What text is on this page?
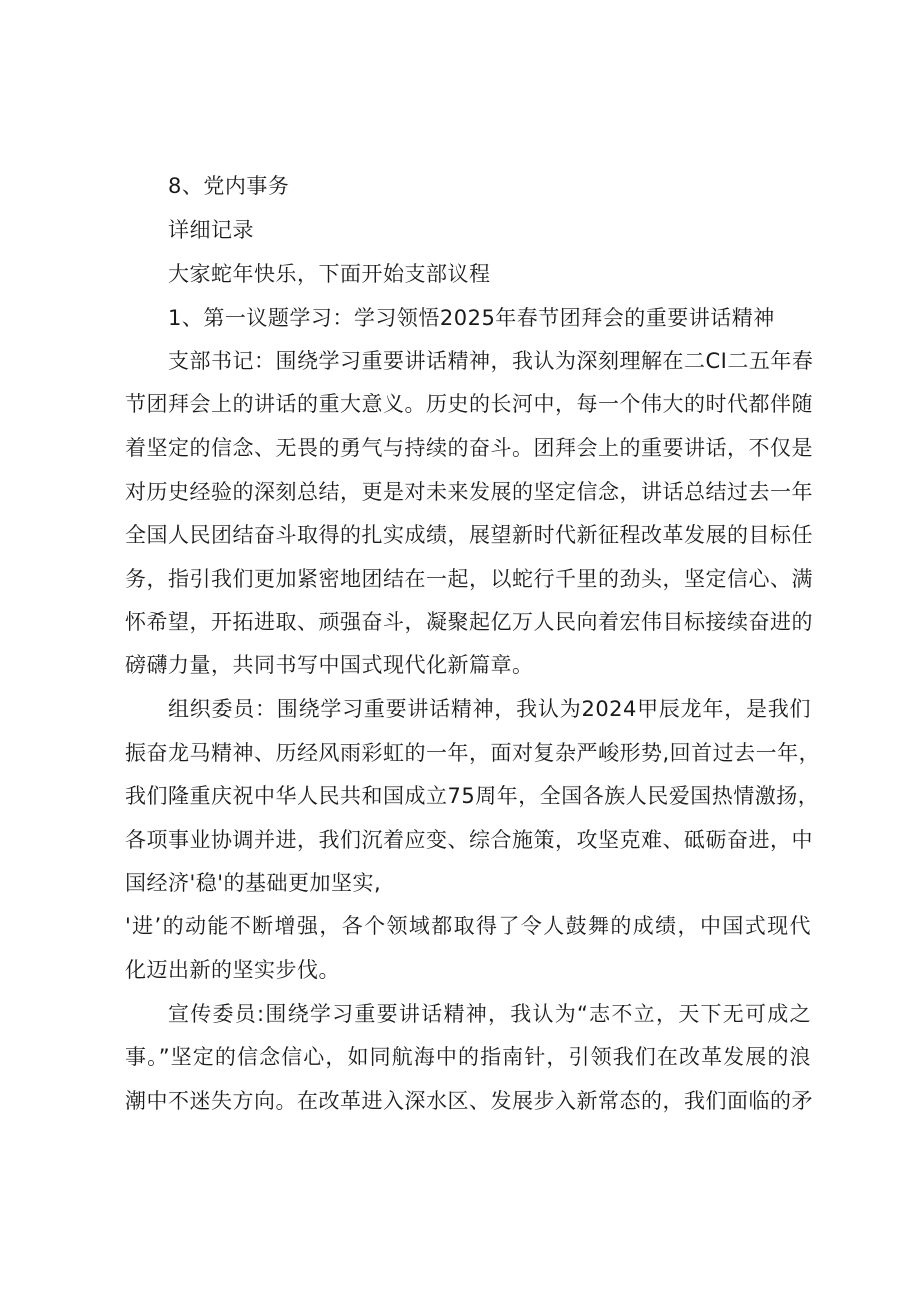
8、党内事务
详细记录
大家蛇年快乐，下面开始支部议程
1、第一议题学习：学习领悟2025年春节团拜会的重要讲话精神
支部书记：围绕学习重要讲话精神，我认为深刻理解在二CI二五年春
节团拜会上的讲话的重大意义。历史的长河中，每一个伟大的时代都伴随
着坚定的信念、无畏的勇气与持续的奋斗。团拜会上的重要讲话，不仅是
对历史经验的深刻总结，更是对未来发展的坚定信念，讲话总结过去一年
全国人民团结奋斗取得的扎实成绩，展望新时代新征程改革发展的目标任
务，指引我们更加紧密地团结在一起，以蛇行千里的劲头，坚定信心、满
怀希望，开拓进取、顽强奋斗，凝聚起亿万人民向着宏伟目标接续奋进的
磅礴力量，共同书写中国式现代化新篇章。
组织委员：围绕学习重要讲话精神，我认为2024甲辰龙年，是我们
振奋龙马精神、历经风雨彩虹的一年，面对复杂严峻形势,回首过去一年，
我们隆重庆祝中华人民共和国成立75周年，全国各族人民爱国热情激扬，
各项事业协调并进，我们沉着应变、综合施策，攻坚克难、砥砺奋进，中
国经济'稳'的基础更加坚实,
'进’的动能不断增强，各个领域都取得了令人鼓舞的成绩，中国式现代
化迈出新的坚实步伐。
宣传委员:围绕学习重要讲话精神，我认为“志不立，天下无可成之
事。”坚定的信念信心，如同航海中的指南针，引领我们在改革发展的浪
潮中不迷失方向。在改革进入深水区、发展步入新常态的，我们面临的矛
